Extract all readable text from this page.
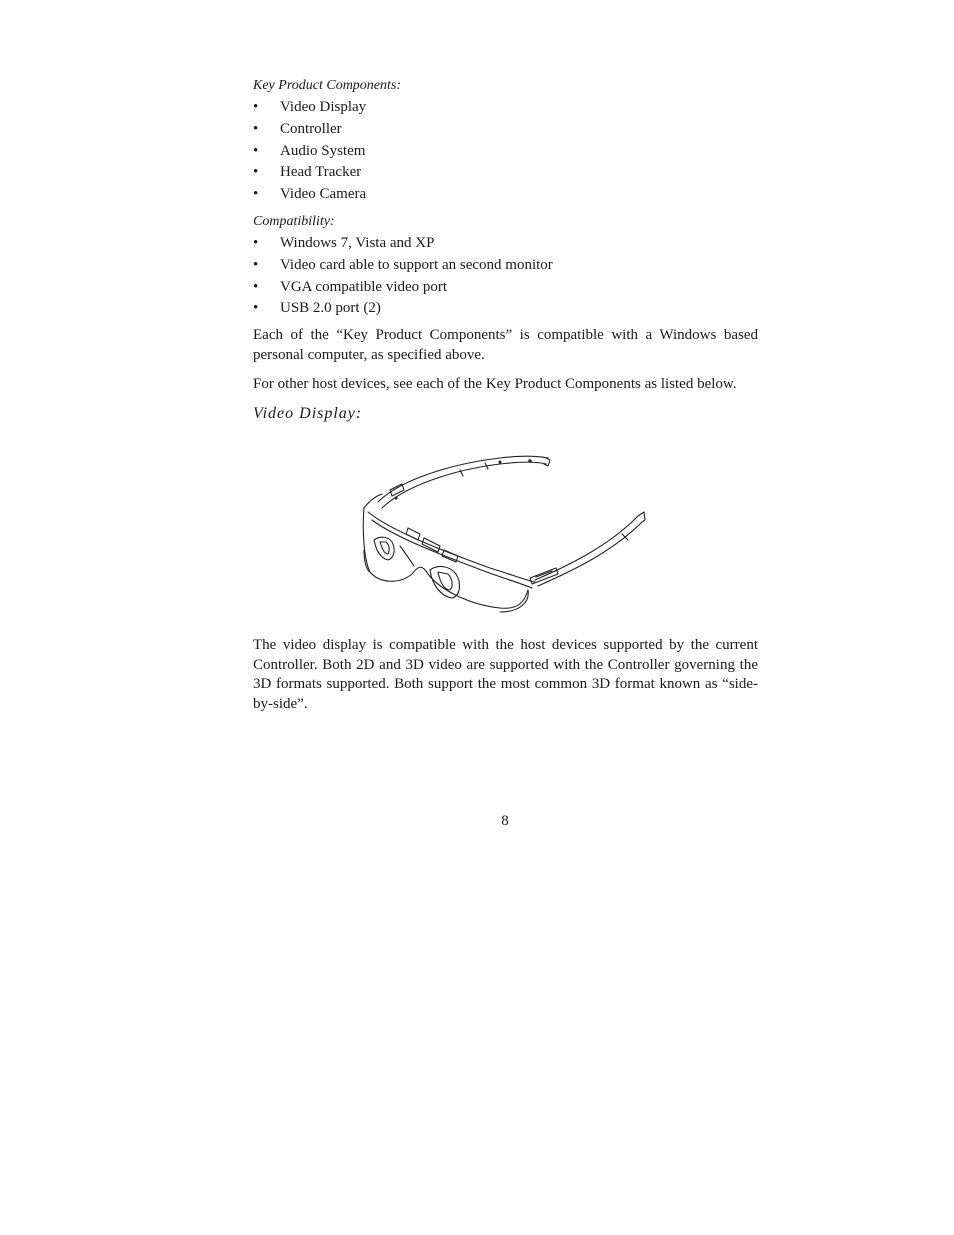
Key Product Components:

• Video Display
• Controller
• Audio System
• Head Tracker
• Video Camera

Compatibility:

• Windows 7, Vista and XP
• Video card able to support an second monitor
• VGA compatible video port
• USB 2.0 port (2)

Each of the “Key Product Components” is compatible with a Windows based personal computer, as specified above.

For other host devices, see each of the Key Product Components as listed below.

Video Display:

The video display is compatible with the host devices supported by the current Controller. Both 2D and 3D video are supported with the Controller governing the 3D formats supported. Both support the most common 3D format known as “side-by-side”.

8
